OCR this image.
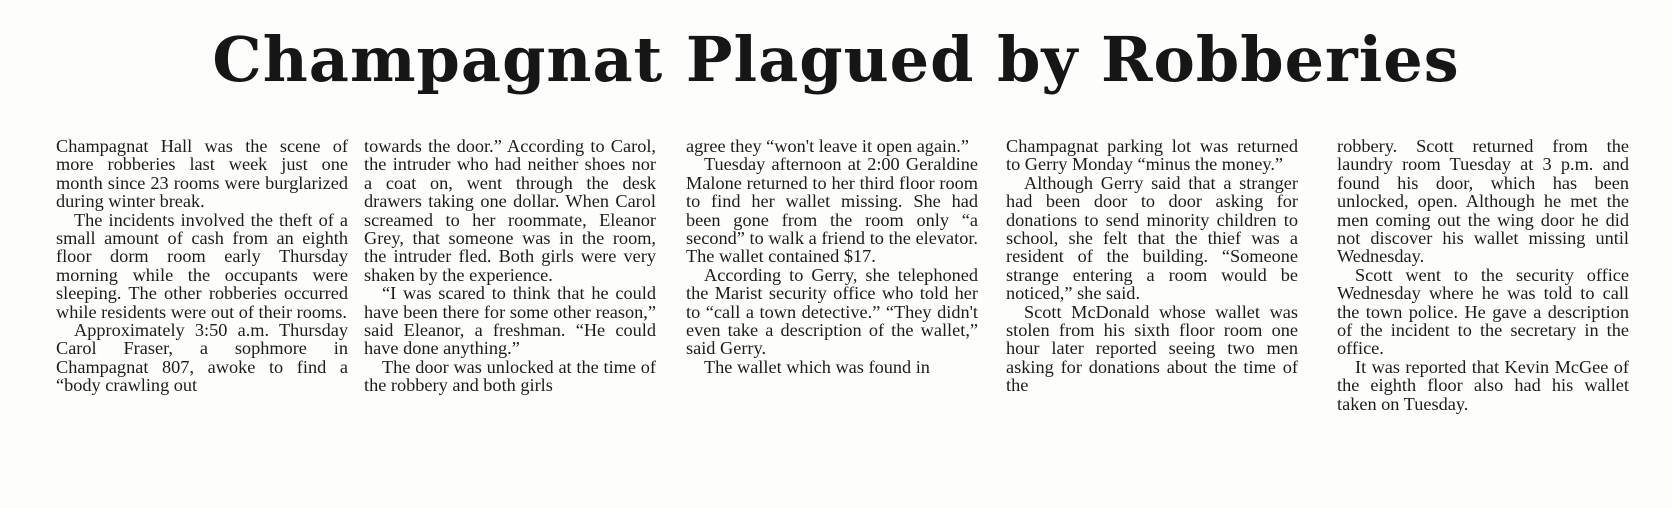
Champagnat Plagued by Robberies

Champagnat Hall was the scene of more robberies last week just one month since 23 rooms were burglarized during winter break.

The incidents involved the theft of a small amount of cash from an eighth floor dorm room early Thursday morning while the occupants were sleeping. The other robberies occurred while residents were out of their rooms.

Approximately 3:50 a.m. Thursday Carol Fraser, a sophmore in Champagnat 807, awoke to find a “body crawling out

towards the door.” According to Carol, the intruder who had neither shoes nor a coat on, went through the desk drawers taking one dollar. When Carol screamed to her roommate, Eleanor Grey, that someone was in the room, the intruder fled. Both girls were very shaken by the experience.

“I was scared to think that he could have been there for some other reason,” said Eleanor, a freshman. “He could have done anything.”

The door was unlocked at the time of the robbery and both girls

agree they “won't leave it open again.”

Tuesday afternoon at 2:00 Geraldine Malone returned to her third floor room to find her wallet missing. She had been gone from the room only “a second” to walk a friend to the elevator. The wallet contained $17.

According to Gerry, she telephoned the Marist security office who told her to “call a town detective.” “They didn't even take a description of the wallet,” said Gerry.

The wallet which was found in

Champagnat parking lot was returned to Gerry Monday “minus the money.”

Although Gerry said that a stranger had been door to door asking for donations to send minority children to school, she felt that the thief was a resident of the building. “Someone strange entering a room would be noticed,” she said.

Scott McDonald whose wallet was stolen from his sixth floor room one hour later reported seeing two men asking for donations about the time of the

robbery. Scott returned from the laundry room Tuesday at 3 p.m. and found his door, which has been unlocked, open. Although he met the men coming out the wing door he did not discover his wallet missing until Wednesday.

Scott went to the security office Wednesday where he was told to call the town police. He gave a description of the incident to the secretary in the office.

It was reported that Kevin McGee of the eighth floor also had his wallet taken on Tuesday.
